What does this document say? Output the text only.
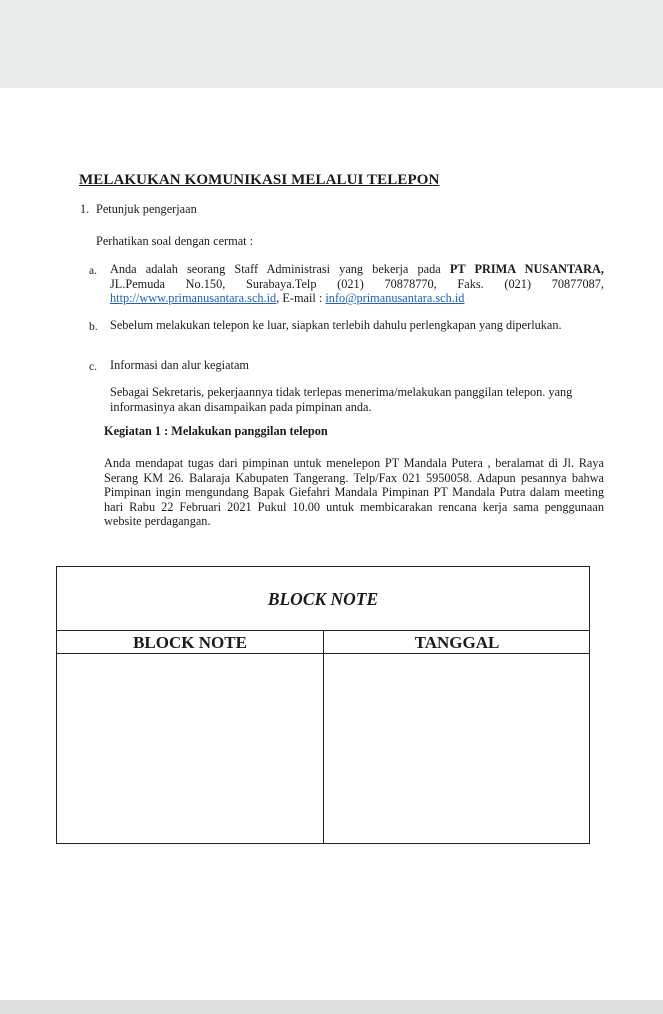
MELAKUKAN KOMUNIKASI MELALUI TELEPON
1. Petunjuk pengerjaan
Perhatikan soal dengan cermat :
a. Anda adalah seorang Staff Administrasi yang bekerja pada PT PRIMA NUSANTARA,
JL.Pemuda No.150, Surabaya.Telp (021) 70878770, Faks. (021) 70877087,
http://www.primanusantara.sch.id, E-mail : info@primanusantara.sch.id
b. Sebelum melakukan telepon ke luar, siapkan terlebih dahulu perlengkapan yang diperlukan.
c. Informasi dan alur kegiatam
Sebagai Sekretaris, pekerjaannya tidak terlepas menerima/melakukan panggilan telepon. yang informasinya akan disampaikan pada pimpinan anda.
Kegiatan 1 : Melakukan panggilan telepon
Anda mendapat tugas dari pimpinan untuk menelepon PT Mandala Putera , beralamat di Jl. Raya Serang KM 26. Balaraja Kabupaten Tangerang. Telp/Fax 021 5950058. Adapun pesannya bahwa Pimpinan ingin mengundang Bapak Giefahri Mandala Pimpinan PT Mandala Putra dalam meeting hari Rabu 22 Februari 2021 Pukul 10.00 untuk membicarakan rencana kerja sama penggunaan website perdagangan.
BLOCK NOTE
BLOCK NOTE	TANGGAL
